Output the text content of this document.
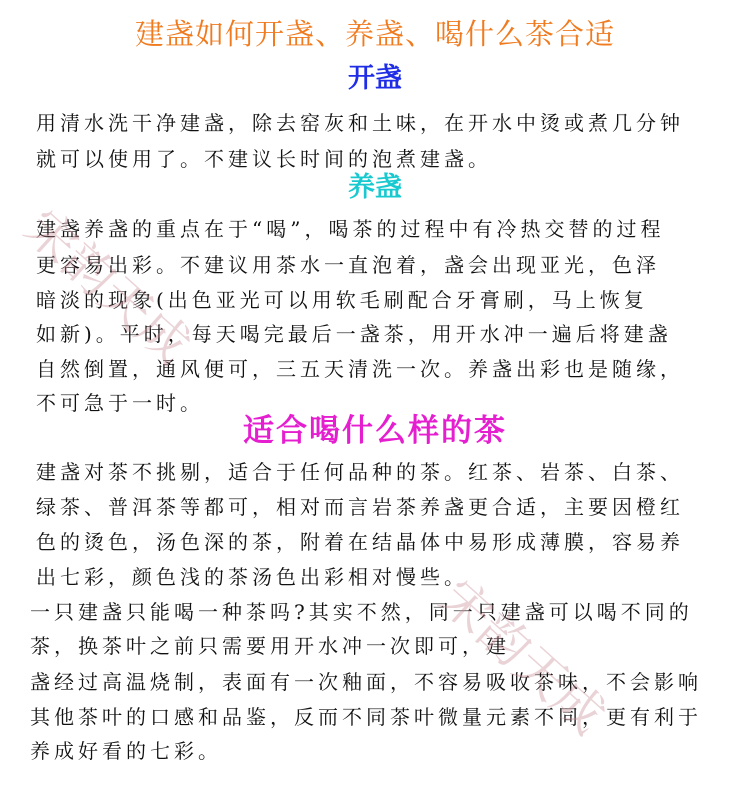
建盏如何开盏、养盏、喝什么茶合适
开盏
用清水洗干净建盏，除去窑灰和土味，在开水中烫或煮几分钟
就可以使用了。不建议长时间的泡煮建盏。
养盏
建盏养盏的重点在于“喝”，喝茶的过程中有冷热交替的过程
更容易出彩。不建议用茶水一直泡着，盏会出现亚光，色泽
暗淡的现象(出色亚光可以用软毛刷配合牙膏刷，马上恢复
如新)。平时，每天喝完最后一盏茶，用开水冲一遍后将建盏
自然倒置，通风便可，三五天清洗一次。养盏出彩也是随缘，
不可急于一时。
适合喝什么样的茶
建盏对茶不挑剔，适合于任何品种的茶。红茶、岩茶、白茶、
绿茶、普洱茶等都可，相对而言岩茶养盏更合适，主要因橙红
色的烫色，汤色深的茶，附着在结晶体中易形成薄膜，容易养
出七彩，颜色浅的茶汤色出彩相对慢些。
一只建盏只能喝一种茶吗?其实不然，同一只建盏可以喝不同的
茶，换茶叶之前只需要用开水冲一次即可，建
盏经过高温烧制，表面有一次釉面，不容易吸收茶味，不会影响
其他茶叶的口感和品鉴，反而不同茶叶微量元素不同，更有利于
养成好看的七彩。
宋韵天成
宋韵天成
